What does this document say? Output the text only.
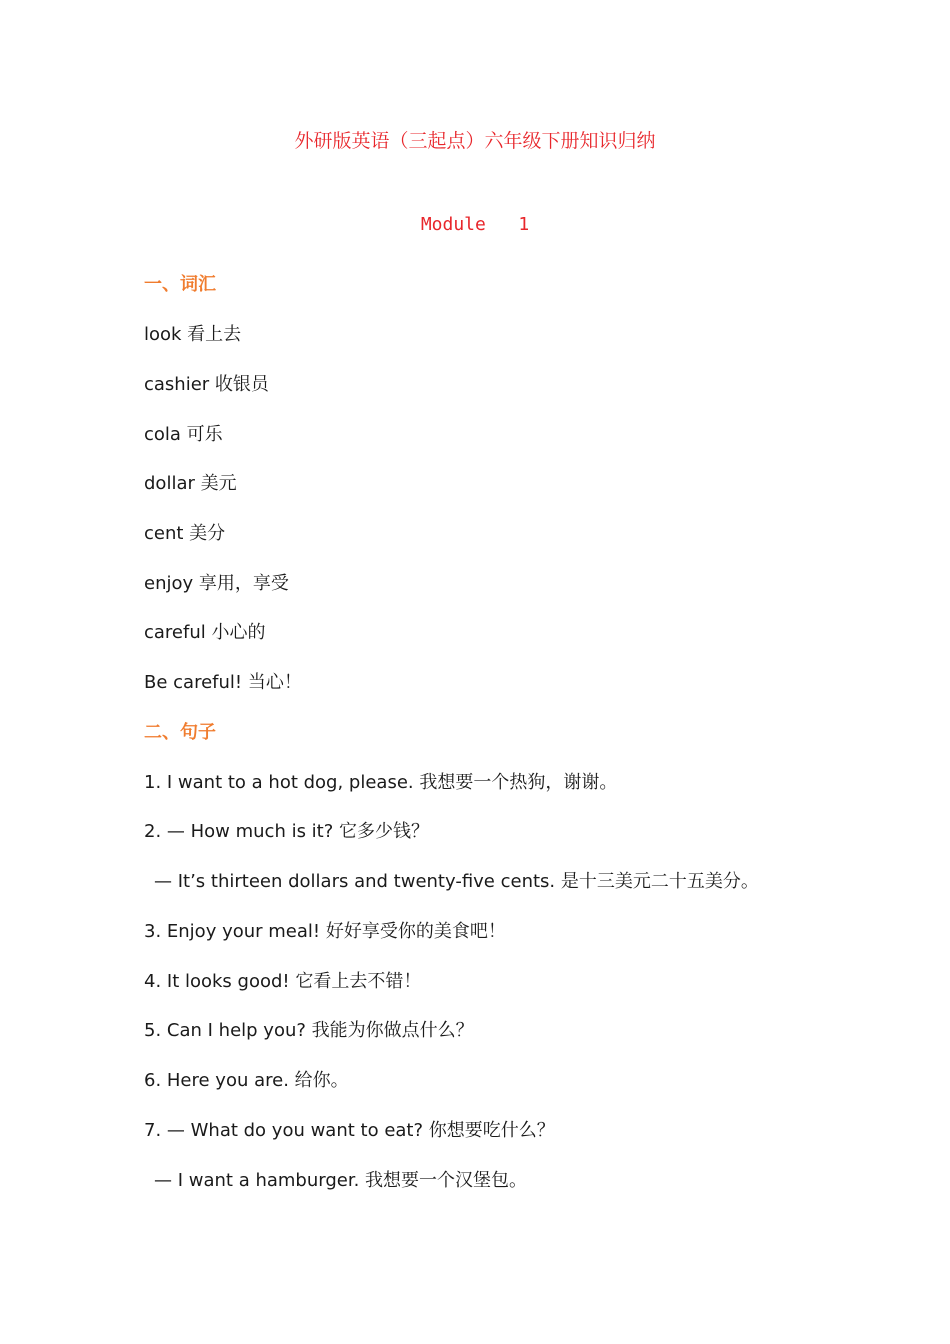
外研版英语（三起点）六年级下册知识归纳
Module   1
一、词汇
look 看上去
cashier 收银员
cola 可乐
dollar 美元
cent 美分
enjoy 享用，享受
careful 小心的
Be careful! 当心！
二、句子
1. I want to a hot dog, please. 我想要一个热狗，谢谢。
2. — How much is it? 它多少钱？
— It’s thirteen dollars and twenty-five cents. 是十三美元二十五美分。
3. Enjoy your meal! 好好享受你的美食吧！
4. It looks good! 它看上去不错！
5. Can I help you? 我能为你做点什么？
6. Here you are. 给你。
7. — What do you want to eat? 你想要吃什么？
— I want a hamburger. 我想要一个汉堡包。
